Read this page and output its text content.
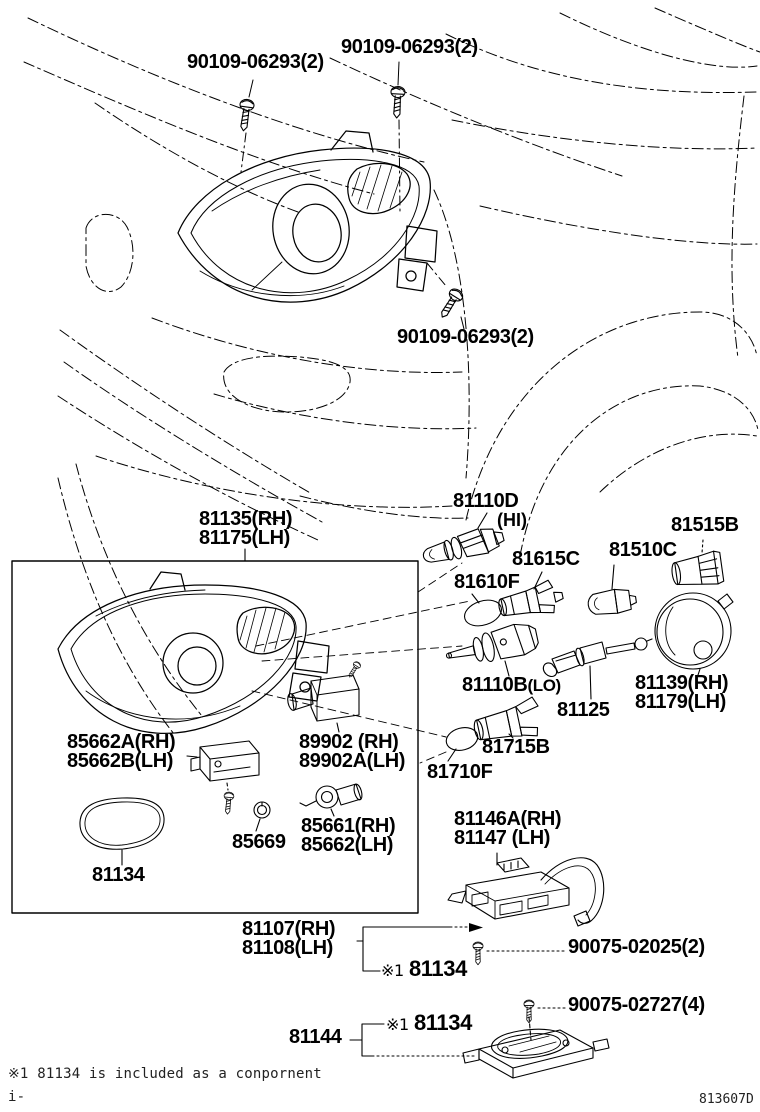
90109-06293(2)
90109-06293(2)
90109-06293(2)
81135(RH)
81175(LH)
81110D
(HI)	81515B
81510C
81615C
81610F
81110B(LO)
81125
81139(RH)
81179(LH)
85662A(RH)
85662B(LH)
89902 (RH)
89902A(LH)
81715B
81710F
85669
85661(RH)
85662(LH)
81134
81146A(RH)
81147 (LH)
81107(RH)
81108(LH)	90075-02025(2)
※1 81134
90075-02727(4)
※1 81134
81144
※1 81134 is included as a conpornent
i-	813607D
